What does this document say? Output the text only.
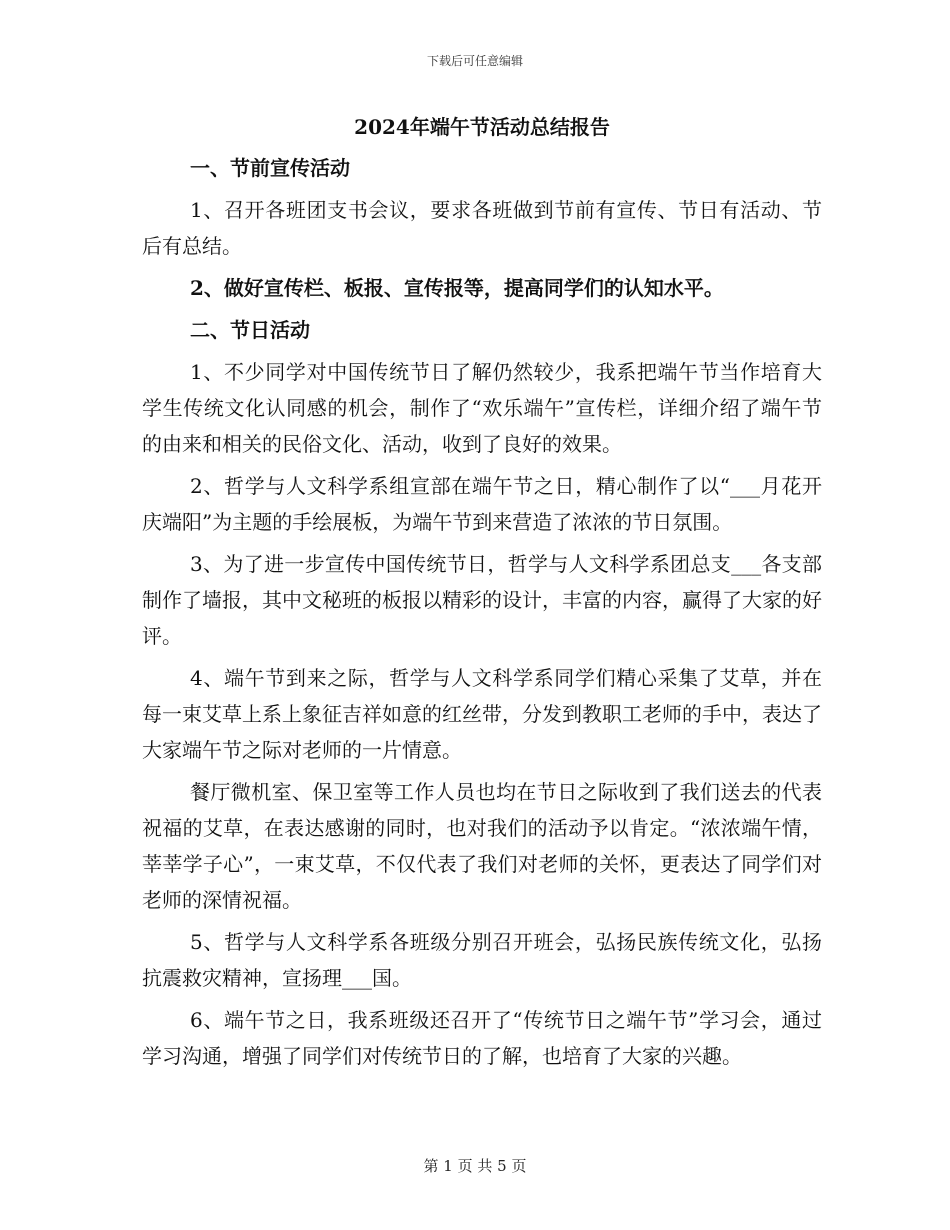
下载后可任意编辑
2024年端午节活动总结报告
一、节前宣传活动
1、召开各班团支书会议，要求各班做到节前有宣传、节日有活动、节后有总结。
2、做好宣传栏、板报、宣传报等，提高同学们的认知水平。
二、节日活动
1、不少同学对中国传统节日了解仍然较少，我系把端午节当作培育大学生传统文化认同感的机会，制作了“欢乐端午”宣传栏，详细介绍了端午节的由来和相关的民俗文化、活动，收到了良好的效果。
2、哲学与人文科学系组宣部在端午节之日，精心制作了以“___月花开庆端阳”为主题的手绘展板，为端午节到来营造了浓浓的节日氛围。
3、为了进一步宣传中国传统节日，哲学与人文科学系团总支___各支部制作了墙报，其中文秘班的板报以精彩的设计，丰富的内容，赢得了大家的好评。
4、端午节到来之际，哲学与人文科学系同学们精心采集了艾草，并在每一束艾草上系上象征吉祥如意的红丝带，分发到教职工老师的手中，表达了大家端午节之际对老师的一片情意。
餐厅微机室、保卫室等工作人员也均在节日之际收到了我们送去的代表祝福的艾草，在表达感谢的同时，也对我们的活动予以肯定。“浓浓端午情，莘莘学子心”，一束艾草，不仅代表了我们对老师的关怀，更表达了同学们对老师的深情祝福。
5、哲学与人文科学系各班级分别召开班会，弘扬民族传统文化，弘扬抗震救灾精神，宣扬理___国。
6、端午节之日，我系班级还召开了“传统节日之端午节”学习会，通过学习沟通，增强了同学们对传统节日的了解，也培育了大家的兴趣。
第 1 页 共 5 页
